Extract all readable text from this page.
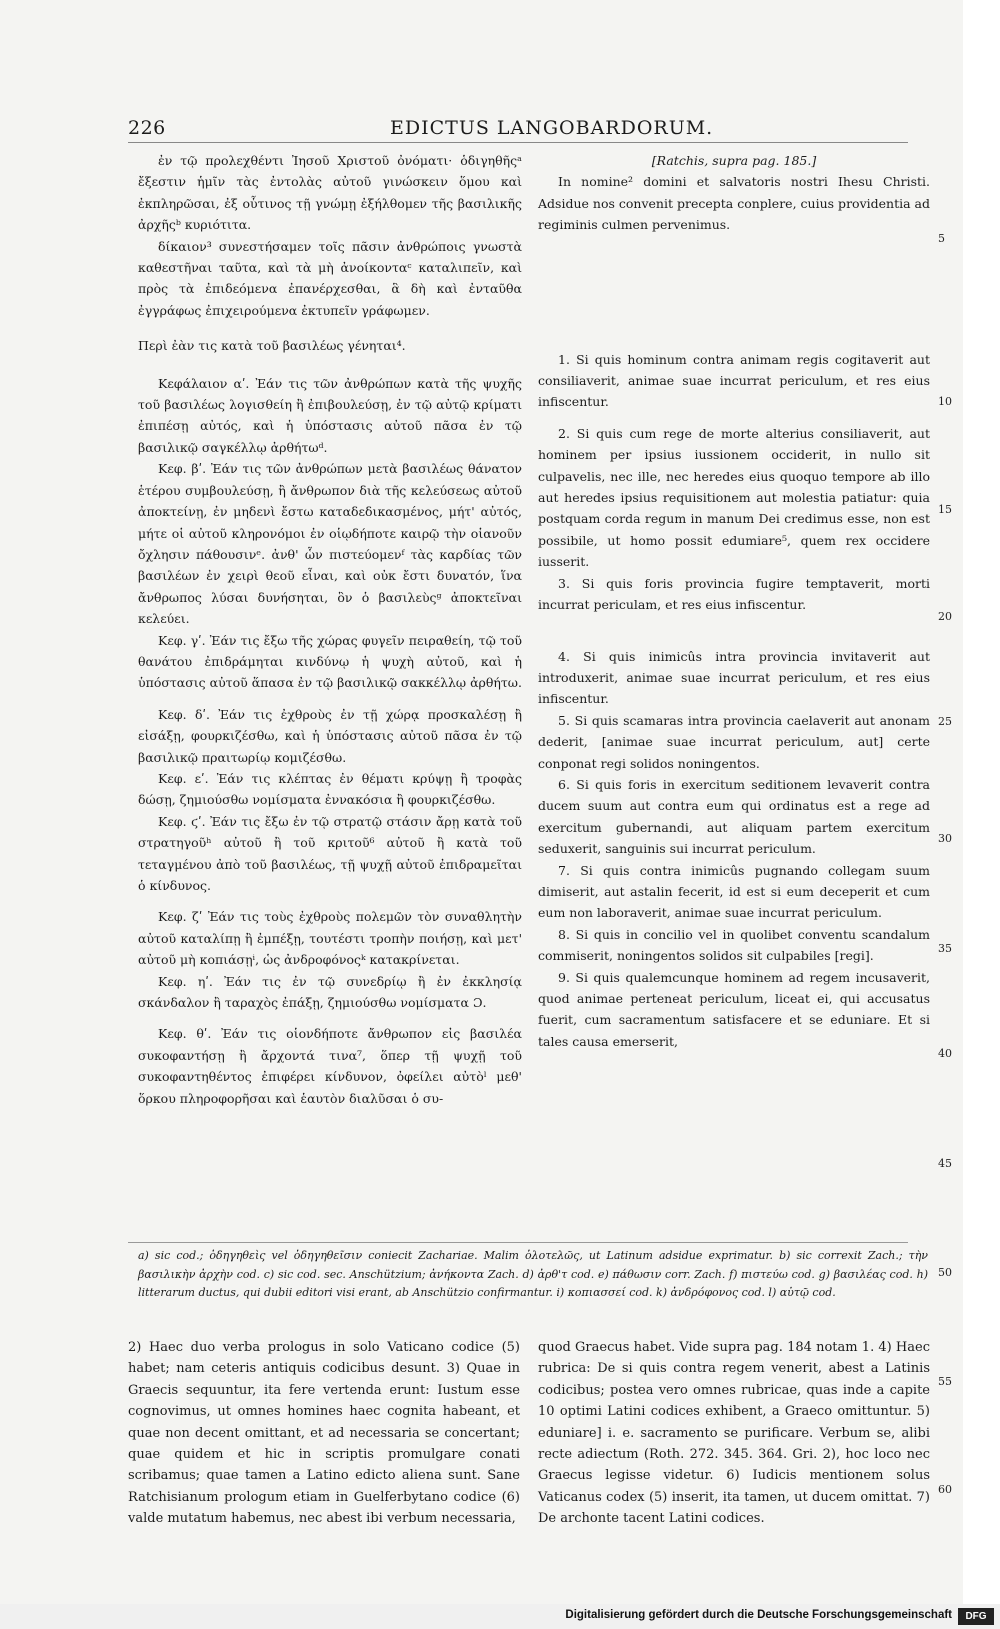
226	EDICTUS LANGOBARDORUM.

ἐν τῷ προλεχθέντι Ἰησοῦ Χριστοῦ ὀνόματι· ὁδιγηθῆςᵃ ἔξεστιν ἡμῖν τὰς ἐντολὰς αὐτοῦ γινώσκειν ὅμου καὶ ἐκπληρῶσαι, ἐξ οὗτινος τῇ γνώμῃ ἐξήλθομεν τῆς βασιλικῆς ἀρχῆςᵇ κυριότιτα.

δίκαιον³ συνεστήσαμεν τοῖς πᾶσιν ἀνθρώποις γνωστὰ καθεστῆναι ταῦτα, καὶ τὰ μὴ ἀνοίκονταᶜ καταλιπεῖν, καὶ πρὸς τὰ ἐπιδεόμενα ἐπανέρχεσθαι, ἃ δὴ καὶ ἐνταῦθα ἐγγράφως ἐπιχειρούμενα ἐκτυπεῖν γράφωμεν.

Περὶ ἐὰν τις κατὰ τοῦ βασιλέως γένηται⁴.

Κεφάλαιον αʹ. Ἐάν τις τῶν ἀνθρώπων κατὰ τῆς ψυχῆς τοῦ βασιλέως λογισθείη ἢ ἐπιβουλεύσῃ, ἐν τῷ αὐτῷ κρίματι ἐπιπέσῃ αὐτός, καὶ ἡ ὑπόστασις αὐτοῦ πᾶσα ἐν τῷ βασιλικῷ σαγκέλλῳ ἀρθήτωᵈ.

Κεφ. βʹ. Ἐάν τις τῶν ἀνθρώπων μετὰ βασιλέως θάνατον ἑτέρου συμβουλεύσῃ, ἢ ἄνθρωπον διὰ τῆς κελεύσεως αὐτοῦ ἀποκτείνῃ, ἐν μηδενὶ ἔστω καταδεδικασμένος, μήτ' αὐτός, μήτε οἱ αὐτοῦ κληρονόμοι ἐν οἱῳδήποτε καιρῷ τὴν οἱανοῦν ὄχλησιν πάθουσινᵉ. ἀνθ' ὧν πιστεύομενᶠ τὰς καρδίας τῶν βασιλέων ἐν χειρὶ θεοῦ εἶναι, καὶ οὐκ ἔστι δυνατόν, ἵνα ἄνθρωπος λύσαι δυνήσηται, ὃν ὁ βασιλεὺςᵍ ἀποκτεῖναι κελεύει.

Κεφ. γʹ. Ἐάν τις ἔξω τῆς χώρας φυγεῖν πειραθείη, τῷ τοῦ θανάτου ἐπιδράμηται κινδύνῳ ἡ ψυχὴ αὐτοῦ, καὶ ἡ ὑπόστασις αὐτοῦ ἅπασα ἐν τῷ βασιλικῷ σακκέλλῳ ἀρθήτω.

Κεφ. δʹ. Ἐάν τις ἐχθροὺς ἐν τῇ χώρᾳ προσκαλέσῃ ἢ εἰσάξῃ, φουρκιζέσθω, καὶ ἡ ὑπόστασις αὐτοῦ πᾶσα ἐν τῷ βασιλικῷ πραιτωρίῳ κομιζέσθω.

Κεφ. εʹ. Ἐάν τις κλέπτας ἐν θέματι κρύψῃ ἢ τροφὰς δώσῃ, ζημιούσθω νομίσματα ἐννακόσια ἢ φουρκιζέσθω.

Κεφ. ϛʹ. Ἐάν τις ἔξω ἐν τῷ στρατῷ στάσιν ἄρῃ κατὰ τοῦ στρατηγοῦʰ αὐτοῦ ἢ τοῦ κριτοῦ⁶ αὐτοῦ ἢ κατὰ τοῦ τεταγμένου ἀπὸ τοῦ βασιλέως, τῇ ψυχῇ αὐτοῦ ἐπιδραμεῖται ὁ κίνδυνος.

Κεφ. ζʹ Ἐάν τις τοὺς ἐχθροὺς πολεμῶν τὸν συναθλητὴν αὐτοῦ καταλίπῃ ἢ ἐμπέξῃ, τουτέστι τροπὴν ποιήσῃ, καὶ μετ' αὐτοῦ μὴ κοπιάσῃⁱ, ὡς ἀνδροφόνοςᵏ κατακρίνεται.

Κεφ. ηʹ. Ἐάν τις ἐν τῷ συνεδρίῳ ἢ ἐν ἐκκλησίᾳ σκάνδαλον ἢ ταραχὸς ἐπάξῃ, ζημιούσθω νομίσματα Ɔ.

Κεφ. θʹ. Ἐάν τις οἱονδήποτε ἄνθρωπον εἰς βασιλέα συκοφαντήσῃ ἢ ἄρχοντά τινα⁷, ὅπερ τῇ ψυχῇ τοῦ συκοφαντηθέντος ἐπιφέρει κίνδυνον, ὀφείλει αὐτὸˡ μεθ' ὅρκου πληροφορῆσαι καὶ ἑαυτὸν διαλῦσαι ὁ συ-

[Ratchis, supra pag. 185.]

In nomine² domini et salvatoris nostri Ihesu Christi. Adsidue nos convenit precepta conplere, cuius providentia ad regiminis culmen pervenimus.

1. Si quis hominum contra animam regis cogitaverit aut consiliaverit, animae suae incurrat periculum, et res eius infiscentur.

2. Si quis cum rege de morte alterius consiliaverit, aut hominem per ipsius iussionem occiderit, in nullo sit culpavelis, nec ille, nec heredes eius quoquo tempore ab illo aut heredes ipsius requisitionem aut molestia patiatur: quia postquam corda regum in manum Dei credimus esse, non est possibile, ut homo possit edumiare⁵, quem rex occidere iusserit.

3. Si quis foris provincia fugire temptaverit, morti incurrat periculam, et res eius infiscentur.

4. Si quis inimicûs intra provincia invitaverit aut introduxerit, animae suae incurrat periculum, et res eius infiscentur.

5. Si quis scamaras intra provincia caelaverit aut anonam dederit, [animae suae incurrat periculum, aut] certe conponat regi solidos noningentos.

6. Si quis foris in exercitum seditionem levaverit contra ducem suum aut contra eum qui ordinatus est a rege ad exercitum gubernandi, aut aliquam partem exercitum seduxerit, sanguinis sui incurrat periculum.

7. Si quis contra inimicûs pugnando collegam suum dimiserit, aut astalin fecerit, id est si eum deceperit et cum eum non laboraverit, animae suae incurrat periculum.

8. Si quis in concilio vel in quolibet conventu scandalum commiserit, noningentos solidos sit culpabiles [regi].

9. Si quis qualemcunque hominem ad regem incusaverit, quod animae perteneat periculum, liceat ei, qui accusatus fuerit, cum sacramentum satisfacere et se eduniare. Et si tales causa emerserit,

5
10
15
20
25
30
35
40
45
50
55
60
a) sic cod.; ὁδηγηθεὶς vel ὁδηγηθεῖσιν coniecit Zachariae. Malim ὁλοτελῶς, ut Latinum adsidue exprimatur. b) sic correxit Zach.; τὴν βασιλικὴν ἀρχὴν cod. c) sic cod. sec. Anschützium; ἀνήκοντα Zach. d) ἀρθ'τ cod. e) πάθωσιν corr. Zach. f) πιστεύω cod. g) βασιλέας cod. h) litterarum ductus, qui dubii editori visi erant, ab Anschützio confirmantur. i) κοπιασσεί cod. k) ἀνδρόφονος cod. l) αὐτῷ cod.
2) Haec duo verba prologus in solo Vaticano codice (5) habet; nam ceteris antiquis codicibus desunt. 3) Quae in Graecis sequuntur, ita fere vertenda erunt: Iustum esse cognovimus, ut omnes homines haec cognita habeant, et quae non decent omittant, et ad necessaria se concertant; quae quidem et hic in scriptis promulgare conati scribamus; quae tamen a Latino edicto aliena sunt. Sane Ratchisianum prologum etiam in Guelferbytano codice (6) valde mutatum habemus, nec abest ibi verbum necessaria,
quod Graecus habet. Vide supra pag. 184 notam 1. 4) Haec rubrica: De si quis contra regem venerit, abest a Latinis codicibus; postea vero omnes rubricae, quas inde a capite 10 optimi Latini codices exhibent, a Graeco omittuntur. 5) eduniare] i. e. sacramento se purificare. Verbum se, alibi recte adiectum (Roth. 272. 345. 364. Gri. 2), hoc loco nec Graecus legisse videtur. 6) Iudicis mentionem solus Vaticanus codex (5) inserit, ita tamen, ut ducem omittat. 7) De archonte tacent Latini codices.
Digitalisierung gefördert durch die Deutsche Forschungsgemeinschaft	DFG
